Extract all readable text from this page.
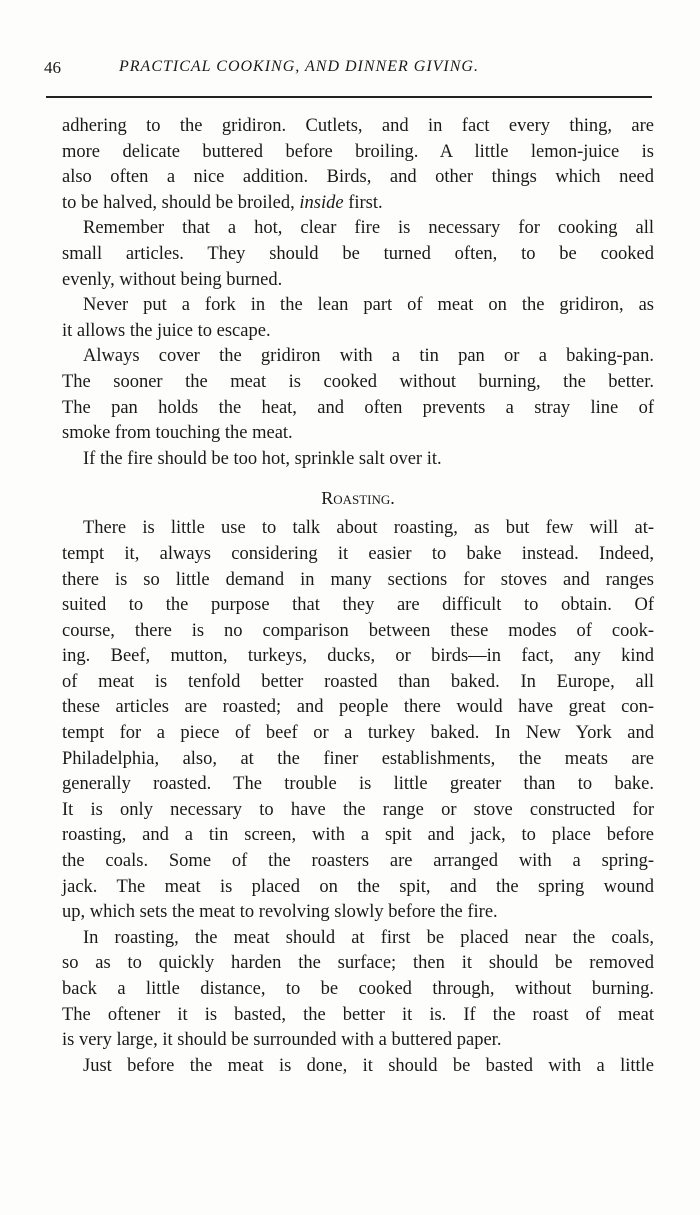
46	PRACTICAL COOKING, AND DINNER GIVING.
adhering to the gridiron. Cutlets, and in fact every thing, are
more delicate buttered before broiling. A little lemon-juice is
also often a nice addition. Birds, and other things which need
to be halved, should be broiled, inside first.
Remember that a hot, clear fire is necessary for cooking all
small articles. They should be turned often, to be cooked
evenly, without being burned.
Never put a fork in the lean part of meat on the gridiron, as
it allows the juice to escape.
Always cover the gridiron with a tin pan or a baking-pan.
The sooner the meat is cooked without burning, the better.
The pan holds the heat, and often prevents a stray line of
smoke from touching the meat.
If the fire should be too hot, sprinkle salt over it.
Roasting.
There is little use to talk about roasting, as but few will at-
tempt it, always considering it easier to bake instead. Indeed,
there is so little demand in many sections for stoves and ranges
suited to the purpose that they are difficult to obtain. Of
course, there is no comparison between these modes of cook-
ing. Beef, mutton, turkeys, ducks, or birds—in fact, any kind
of meat is tenfold better roasted than baked. In Europe, all
these articles are roasted; and people there would have great con-
tempt for a piece of beef or a turkey baked. In New York and
Philadelphia, also, at the finer establishments, the meats are
generally roasted. The trouble is little greater than to bake.
It is only necessary to have the range or stove constructed for
roasting, and a tin screen, with a spit and jack, to place before
the coals. Some of the roasters are arranged with a spring-
jack. The meat is placed on the spit, and the spring wound
up, which sets the meat to revolving slowly before the fire.
In roasting, the meat should at first be placed near the coals,
so as to quickly harden the surface; then it should be removed
back a little distance, to be cooked through, without burning.
The oftener it is basted, the better it is. If the roast of meat
is very large, it should be surrounded with a buttered paper.
Just before the meat is done, it should be basted with a little
